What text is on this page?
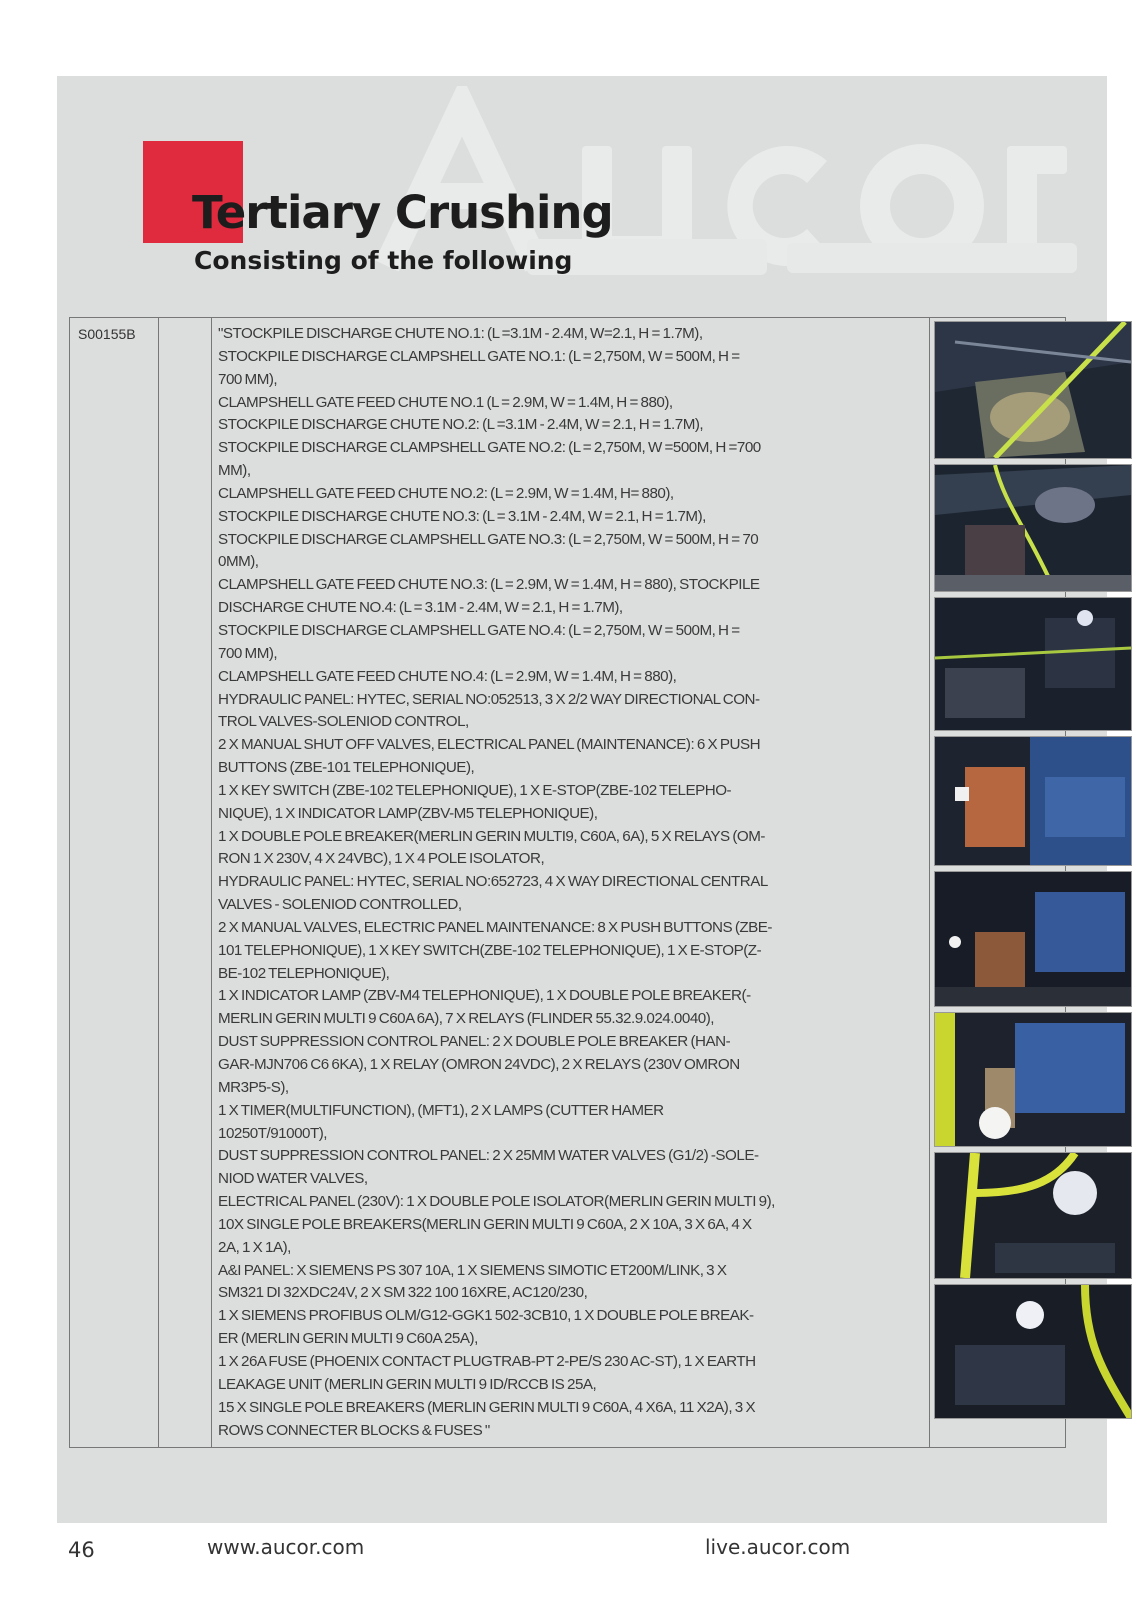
Tertiary Crushing
Consisting of the following
S00155B	"STOCKPILE DISCHARGE CHUTE NO.1: (L =3.1M - 2.4M, W=2.1, H = 1.7M),
STOCKPILE DISCHARGE CLAMPSHELL GATE NO.1: (L = 2,750M, W = 500M, H =
700 MM),
CLAMPSHELL GATE FEED CHUTE NO.1 (L = 2.9M, W = 1.4M, H = 880),
STOCKPILE DISCHARGE CHUTE NO.2: (L =3.1M - 2.4M, W = 2.1, H = 1.7M),
STOCKPILE DISCHARGE CLAMPSHELL GATE NO.2: (L = 2,750M, W =500M, H =700
MM),
CLAMPSHELL GATE FEED CHUTE NO.2: (L = 2.9M, W = 1.4M, H= 880),
STOCKPILE DISCHARGE CHUTE NO.3: (L = 3.1M - 2.4M, W = 2.1, H = 1.7M),
STOCKPILE DISCHARGE CLAMPSHELL GATE NO.3: (L = 2,750M, W = 500M, H = 70
0MM),
CLAMPSHELL GATE FEED CHUTE NO.3: (L = 2.9M, W = 1.4M, H = 880), STOCKPILE
DISCHARGE CHUTE NO.4: (L = 3.1M - 2.4M, W = 2.1, H = 1.7M),
STOCKPILE DISCHARGE CLAMPSHELL GATE NO.4: (L = 2,750M, W = 500M, H =
700 MM),
CLAMPSHELL GATE FEED CHUTE NO.4: (L = 2.9M, W = 1.4M, H = 880),
HYDRAULIC PANEL: HYTEC, SERIAL NO:052513, 3 X 2/2 WAY DIRECTIONAL CON-
TROL VALVES-SOLENIOD CONTROL,
2 X MANUAL SHUT OFF VALVES, ELECTRICAL PANEL (MAINTENANCE): 6 X PUSH
BUTTONS (ZBE-101 TELEPHONIQUE),
1 X KEY SWITCH (ZBE-102 TELEPHONIQUE), 1 X E-STOP(ZBE-102 TELEPHO-
NIQUE), 1 X INDICATOR LAMP(ZBV-M5 TELEPHONIQUE),
1 X DOUBLE POLE BREAKER(MERLIN GERIN MULTI9, C60A, 6A), 5 X RELAYS (OM-
RON 1 X 230V, 4 X 24VBC), 1 X 4 POLE ISOLATOR,
HYDRAULIC PANEL: HYTEC, SERIAL NO:652723, 4 X WAY DIRECTIONAL CENTRAL
VALVES - SOLENIOD CONTROLLED,
2 X MANUAL VALVES, ELECTRIC PANEL MAINTENANCE: 8 X PUSH BUTTONS (ZBE-
101 TELEPHONIQUE), 1 X KEY SWITCH(ZBE-102 TELEPHONIQUE), 1 X E-STOP(Z-
BE-102 TELEPHONIQUE),
1 X INDICATOR LAMP (ZBV-M4 TELEPHONIQUE), 1 X DOUBLE POLE BREAKER(-
MERLIN GERIN MULTI 9 C60A 6A), 7 X RELAYS (FLINDER 55.32.9.024.0040),
DUST SUPPRESSION CONTROL PANEL: 2 X DOUBLE POLE BREAKER (HAN-
GAR-MJN706 C6 6KA), 1 X RELAY (OMRON 24VDC), 2 X RELAYS (230V OMRON
MR3P5-S),
1 X TIMER(MULTIFUNCTION), (MFT1), 2 X LAMPS (CUTTER HAMER
10250T/91000T),
DUST SUPPRESSION CONTROL PANEL: 2 X 25MM WATER VALVES (G1/2) -SOLE-
NIOD WATER VALVES,
ELECTRICAL PANEL (230V): 1 X DOUBLE POLE ISOLATOR(MERLIN GERIN MULTI 9),
10X SINGLE POLE BREAKERS(MERLIN GERIN MULTI 9 C60A, 2 X 10A, 3 X 6A, 4 X
2A, 1 X 1A),
A&I PANEL: X SIEMENS PS 307 10A, 1 X SIEMENS SIMOTIC ET200M/LINK, 3 X
SM321 DI 32XDC24V, 2 X SM 322 100 16XRE, AC120/230,
1 X SIEMENS PROFIBUS OLM/G12-GGK1 502-3CB10, 1 X DOUBLE POLE BREAK-
ER (MERLIN GERIN MULTI 9 C60A 25A),
1 X 26A FUSE (PHOENIX CONTACT PLUGTRAB-PT 2-PE/S 230 AC-ST), 1 X EARTH
LEAKAGE UNIT (MERLIN GERIN MULTI 9 ID/RCCB IS 25A,
15 X SINGLE POLE BREAKERS (MERLIN GERIN MULTI 9 C60A, 4 X6A, 11 X2A), 3 X
ROWS CONNECTER BLOCKS & FUSES "
46	www.aucor.com	live.aucor.com
